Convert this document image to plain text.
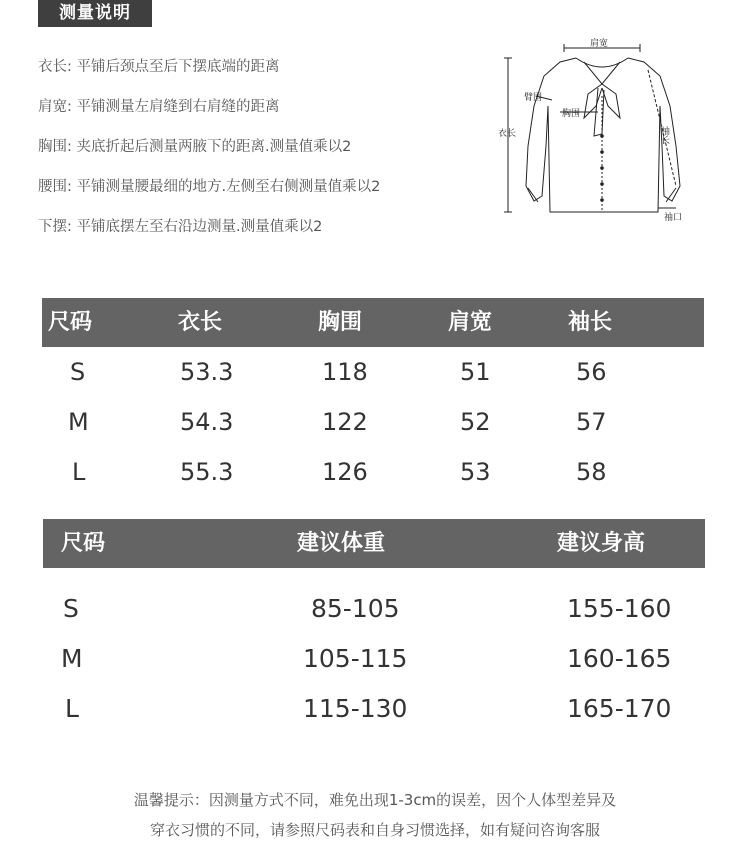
测量说明
衣长: 平铺后颈点至后下摆底端的距离
肩宽: 平铺测量左肩缝到右肩缝的距离
胸围: 夹底折起后测量两腋下的距离.测量值乘以2
腰围: 平铺测量腰最细的地方.左侧至右侧测量值乘以2
下摆: 平铺底摆左至右沿边测量.测量值乘以2
肩宽
臂围
胸围
衣长	袖长
袖口
尺码	衣长	胸围	肩宽	袖长
S	53.3	118	51	56
M	54.3	122	52	57
L	55.3	126	53	58
尺码	建议体重	建议身高
S	85-105	155-160
M	105-115	160-165
L	115-130	165-170
温馨提示：因测量方式不同，难免出现1-3cm的误差，因个人体型差异及
穿衣习惯的不同，请参照尺码表和自身习惯选择，如有疑问咨询客服
